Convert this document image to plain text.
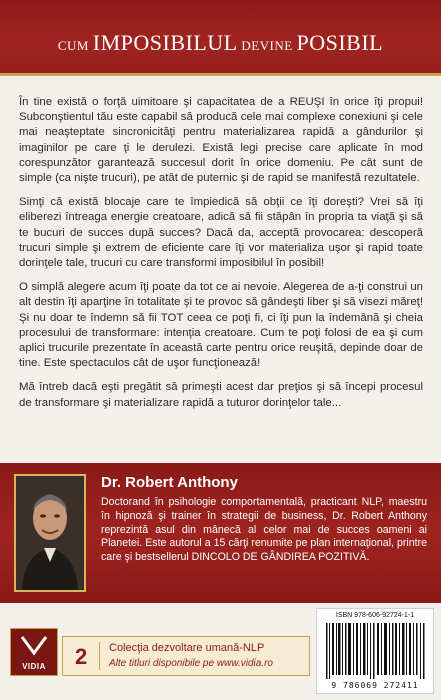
CUM IMPOSIBILUL DEVINE POSIBIL

În tine există o forţă uimitoare şi capacitatea de a REUŞI în orice îţi propui! Subconştientul tău este capabil să producă cele mai complexe conexiuni şi cele mai neaşteptate sincronicităţi pentru materializarea rapidă a gândurilor şi imaginilor pe care ţi le derulezi. Există legi precise care aplicate în mod corespunzător garantează succesul dorit în orice domeniu. Pe cât sunt de simple (ca nişte trucuri), pe atât de puternic şi de rapid se manifestă rezultatele.

Simţi că există blocaje care te împiedică să obţii ce îţi doreşti? Vrei să îţi eliberezi întreaga energie creatoare, adică să fii stăpân în propria ta viaţă şi să te bucuri de succes după succes? Dacă da, acceptă provocarea: descoperă trucuri simple şi extrem de eficiente care îţi vor materializa uşor şi rapid toate dorinţele tale, trucuri cu care transformi imposibilul în posibil!

O simplă alegere acum îţi poate da tot ce ai nevoie. Alegerea de a-ţi construi un alt destin îţi aparţine în totalitate şi te provoc să gândeşti liber şi să visezi măreţ! Şi nu doar te îndemn să fii TOT ceea ce poţi fi, ci îţi pun la îndemână şi cheia procesului de transformare: intenţia creatoare. Cum te poţi folosi de ea şi cum aplici trucurile prezentate în această carte pentru orice reuşită, depinde doar de tine. Este spectaculos cât de uşor funcţionează!

Mă întreb dacă eşti pregătit să primeşti acest dar preţios şi să începi procesul de transformare şi materializare rapidă a tuturor dorinţelor tale...

Dr. Robert Anthony
Doctorand în psihologie comportamentală, practicant NLP, maestru în hipnoză şi trainer în strategii de business, Dr. Robert Anthony reprezintă asul din mânecă al celor mai de succes oameni ai Planetei. Este autorul a 15 cărţi renumite pe plan internaţional, printre care şi bestsellerul DINCOLO DE GÂNDIREA POZITIVĂ.
VIDIA	2 Colecţia dezvoltare umană-NLP
Alte titluri disponibile pe www.vidia.ro
ISBN 978-606-92724-1-1
9 786069 272411
